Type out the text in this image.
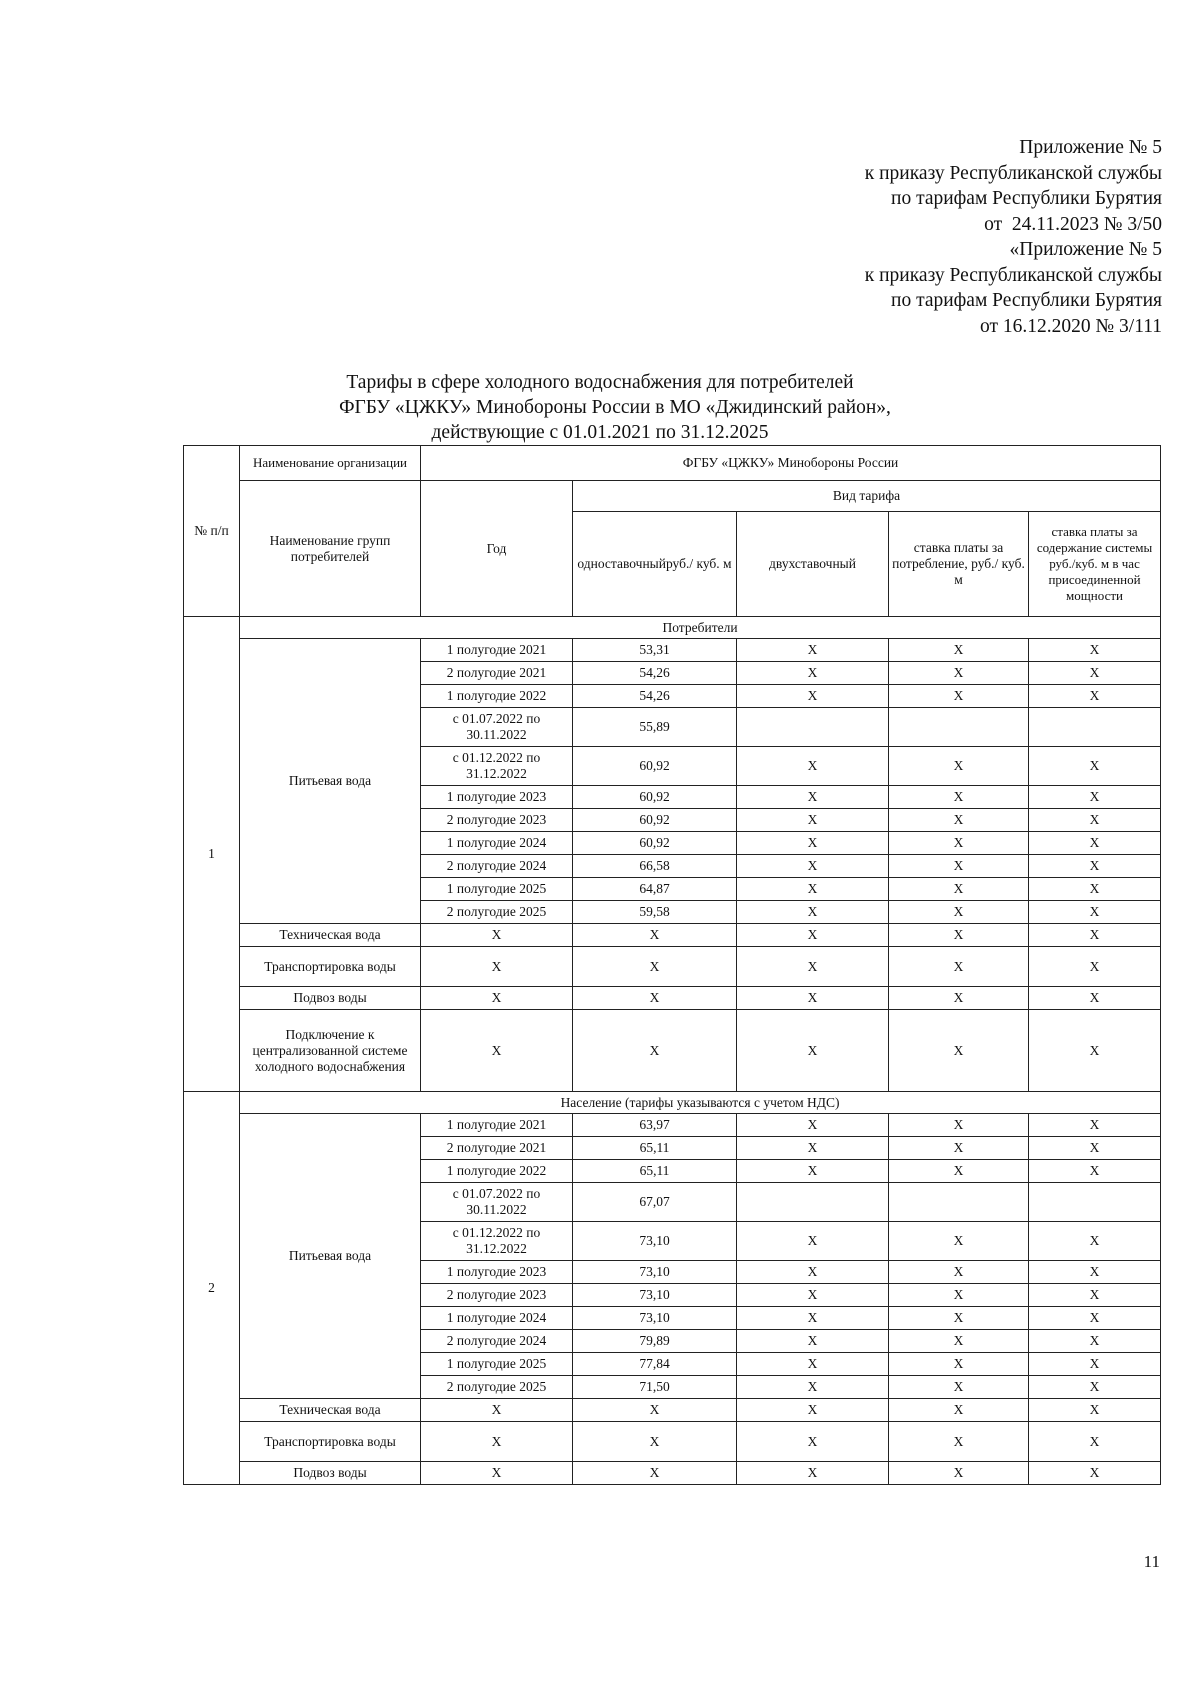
Приложение № 5
к приказу Республиканской службы
по тарифам Республики Бурятия
от  24.11.2023 № 3/50
«Приложение № 5
к приказу Республиканской службы
по тарифам Республики Бурятия
от 16.12.2020 № 3/111
Тарифы в сфере холодного водоснабжения для потребителей
ФГБУ «ЦЖКУ» Минобороны России в МО «Джидинский район»,
действующие с 01.01.2021 по 31.12.2025
№ п/п	Наименование организации	ФГБУ «ЦЖКУ» Минобороны России				
	Наименование групп потребителей	Год	Вид тарифа			
			одноставочныйруб./ куб. м	двухставочный	ставка платы за потребление, руб./ куб. м	ставка платы за содержание системы руб./куб. м в час присоединенной мощности
1	Потребители					
	Питьевая вода	1 полугодие 2021	53,31	Х	Х	Х
		2 полугодие 2021	54,26	Х	Х	Х
		1 полугодие 2022	54,26	Х	Х	Х
		с 01.07.2022 по 30.11.2022	55,89			
		с 01.12.2022 по 31.12.2022	60,92	Х	Х	Х
		1 полугодие 2023	60,92	Х	Х	Х
		2 полугодие 2023	60,92	Х	Х	Х
		1 полугодие 2024	60,92	Х	Х	Х
		2 полугодие 2024	66,58	Х	Х	Х
		1 полугодие 2025	64,87	Х	Х	Х
		2 полугодие 2025	59,58	Х	Х	Х
	Техническая вода	Х	Х	Х	Х	Х
	Транспортировка воды	Х	Х	Х	Х	Х
	Подвоз воды	Х	Х	Х	Х	Х
	Подключение к централизованной системе холодного водоснабжения	Х	Х	Х	Х	Х
2	Население (тарифы указываются с учетом НДС)					
	Питьевая вода	1 полугодие 2021	63,97	Х	Х	Х
		2 полугодие 2021	65,11	Х	Х	Х
		1 полугодие 2022	65,11	Х	Х	Х
		с 01.07.2022 по 30.11.2022	67,07			
		с 01.12.2022 по 31.12.2022	73,10	Х	Х	Х
		1 полугодие 2023	73,10	Х	Х	Х
		2 полугодие 2023	73,10	Х	Х	Х
		1 полугодие 2024	73,10	Х	Х	Х
		2 полугодие 2024	79,89	Х	Х	Х
		1 полугодие 2025	77,84	Х	Х	Х
		2 полугодие 2025	71,50	Х	Х	Х
	Техническая вода	Х	Х	Х	Х	Х
	Транспортировка воды	Х	Х	Х	Х	Х
	Подвоз воды	Х	Х	Х	Х	Х
11
